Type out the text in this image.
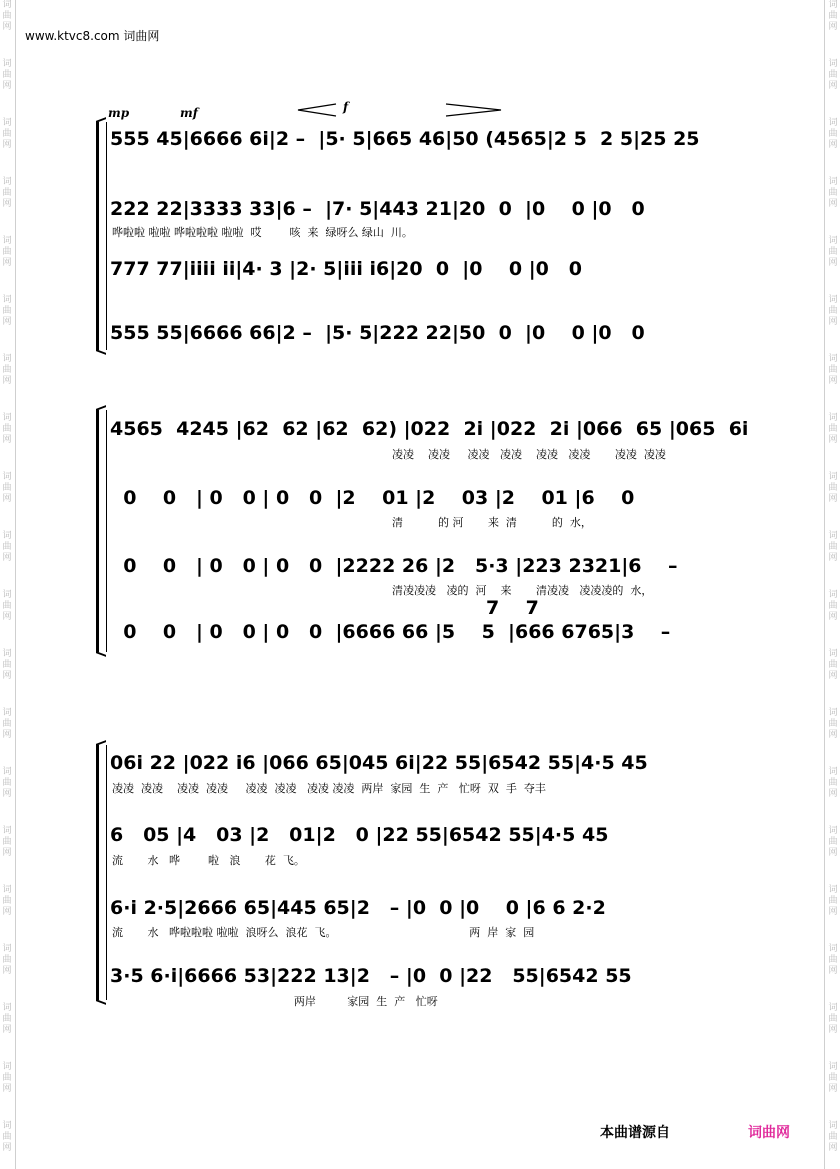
词曲网
词曲网
词曲网
词曲网
词曲网
词曲网
词曲网
词曲网
词曲网
词曲网
词曲网
词曲网
词曲网
词曲网
词曲网
词曲网
词曲网
词曲网
词曲网
词曲网
词曲网
词曲网
词曲网
词曲网
词曲网
词曲网
词曲网
词曲网
词曲网
词曲网
词曲网
词曲网
词曲网
词曲网
词曲网
词曲网
词曲网
词曲网
词曲网
词曲网
www.ktvc8.com 词曲网
mp	mf	f
555 45|6666 6i|2 –  |5· 5|665 46|50 (4565|2 5  2 5|25 25
222 22|3333 33|6 –  |7· 5|443 21|20  0  |0    0 |0   0
哗啦啦 啦啦 哗啦啦啦 啦啦  哎        咳  来  绿呀么 绿山  川。
777 77|iiii ii|4· 3 |2· 5|iii i6|20  0  |0    0 |0   0
555 55|6666 66|2 –  |5· 5|222 22|50  0  |0    0 |0   0
4565  4245 |62  62 |62  62) |022  2i |022  2i |066  65 |065  6i
凌凌    凌凌     凌凌   凌凌    凌凌   凌凌       凌凌  凌凌
0    0   | 0   0 | 0   0  |2    01 |2    03 |2    01 |6    0
清          的 河       来  清          的  水，
0    0   | 0   0 | 0   0  |2222 26 |2   5·3 |223 2321|6    –
清凌凌凌   凌的  河    来       清凌凌   凌凌凌的  水，
7    7
0    0   | 0   0 | 0   0  |6666 66 |5    5  |666 6765|3    –
06i 22 |022 i6 |066 65|045 6i|22 55|6542 55|4·5 45
凌凌  凌凌    凌凌  凌凌     凌凌  凌凌   凌凌 凌凌  两岸  家园  生  产   忙呀  双  手  夺丰
6   05 |4   03 |2   01|2   0 |22 55|6542 55|4·5 45
流       水   哗        啦   浪       花  飞。
6·i 2·5|2666 65|445 65|2   – |0  0 |0    0 |6 6 2·2
流       水   哗啦啦啦 啦啦  浪呀么  浪花  飞。                                      两  岸  家  园
3·5 6·i|6666 53|222 13|2   – |0  0 |22   55|6542 55
两岸         家园  生  产   忙呀
本曲谱源自	词曲网
